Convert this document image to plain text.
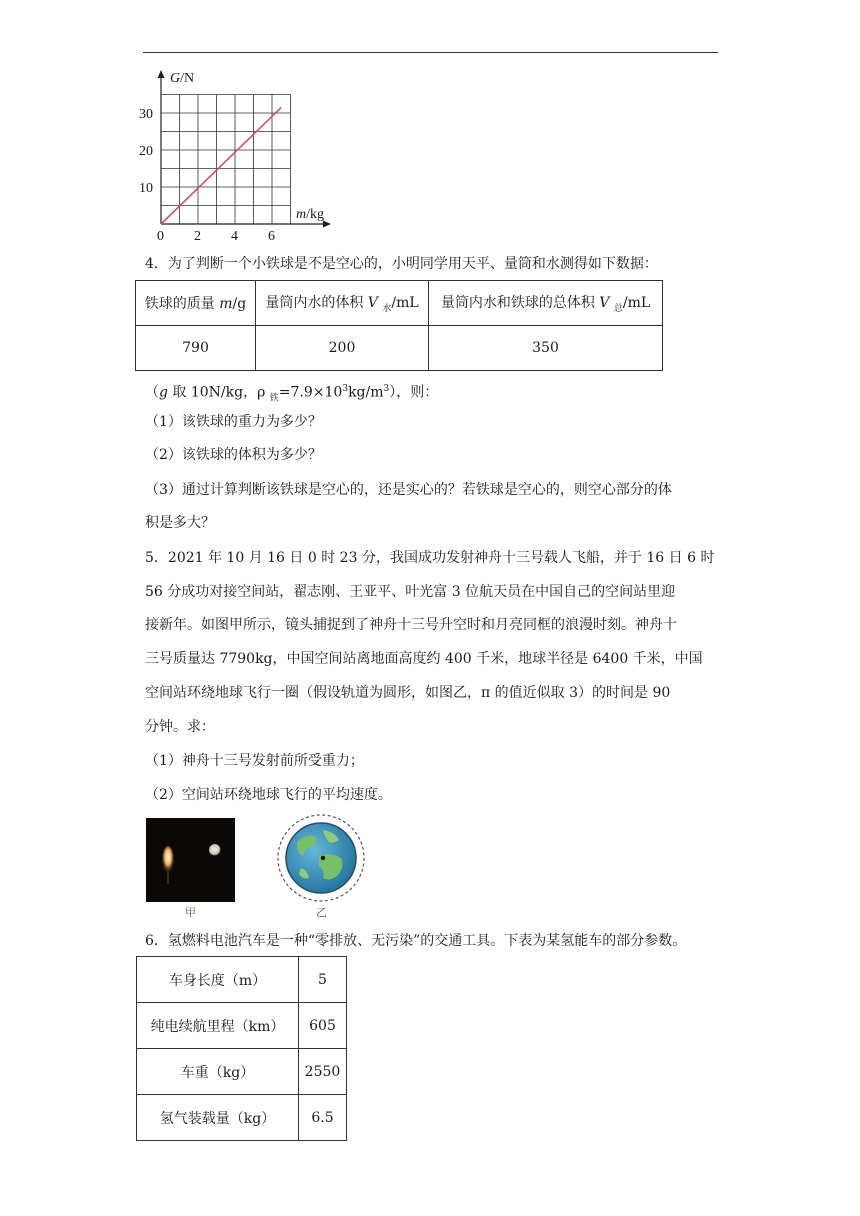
G/N
m/kg
30
20
10
0 2 4 6
4．为了判断一个小铁球是不是空心的，小明同学用天平、量筒和水测得如下数据：
铁球的质量 m/g	量筒内水的体积 V $_水$/mL	量筒内水和铁球的总体积 V $_总$/mL
790	200	350
（g 取 10N/kg，ρ $_铁=7.9\times 10^3kg/m^3$），则：
（1）该铁球的重力为多少？
（2）该铁球的体积为多少？
（3）通过计算判断该铁球是空心的，还是实心的？若铁球是空心的，则空心部分的体
积是多大？
5．2021 年 10 月 16 日 0 时 23 分，我国成功发射神舟十三号载人飞船，并于 16 日 6 时
56 分成功对接空间站，翟志刚、王亚平、叶光富 3 位航天员在中国自己的空间站里迎
接新年。如图甲所示，镜头捕捉到了神舟十三号升空时和月亮同框的浪漫时刻。神舟十
三号质量达 7790kg，中国空间站离地面高度约 400 千米，地球半径是 6400 千米，中国
空间站环绕地球飞行一圈（假设轨道为圆形，如图乙，π 的值近似取 3）的时间是 90
分钟。求：
（1）神舟十三号发射前所受重力；
（2）空间站环绕地球飞行的平均速度。
甲	乙
6．氢燃料电池汽车是一种“零排放、无污染”的交通工具。下表为某氢能车的部分参数。
车身长度（m）	5
纯电续航里程（km）	605
车重（kg）	2550
氢气装载量（kg）	6.5
